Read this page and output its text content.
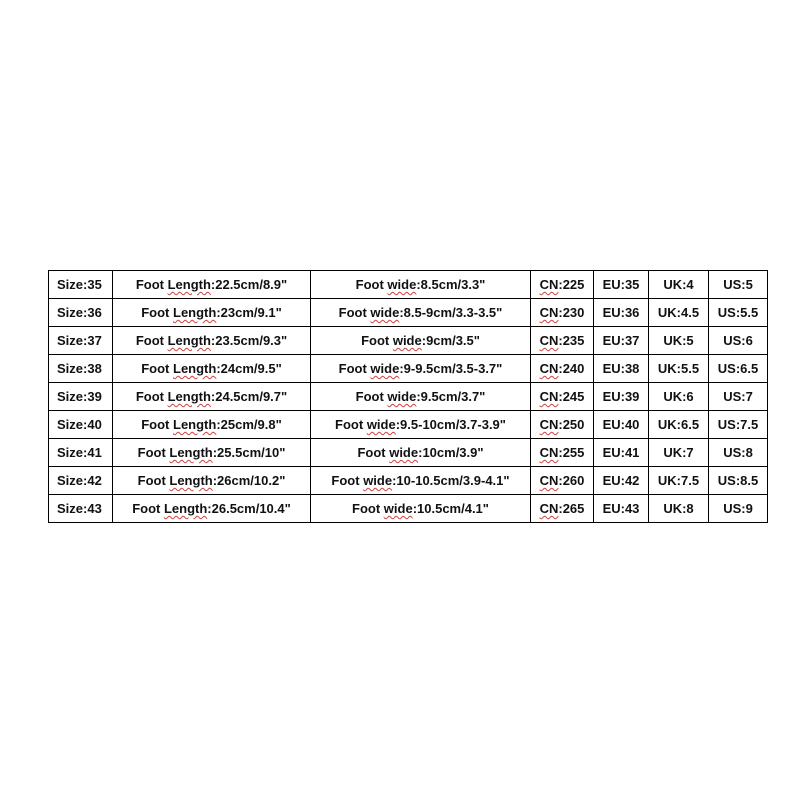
Size:35	Foot Length:22.5cm/8.9"	Foot wide:8.5cm/3.3"	CN:225	EU:35	UK:4	US:5
Size:36	Foot Length:23cm/9.1"	Foot wide:8.5-9cm/3.3-3.5"	CN:230	EU:36	UK:4.5	US:5.5
Size:37	Foot Length:23.5cm/9.3"	Foot wide:9cm/3.5"	CN:235	EU:37	UK:5	US:6
Size:38	Foot Length:24cm/9.5"	Foot wide:9-9.5cm/3.5-3.7"	CN:240	EU:38	UK:5.5	US:6.5
Size:39	Foot Length:24.5cm/9.7"	Foot wide:9.5cm/3.7"	CN:245	EU:39	UK:6	US:7
Size:40	Foot Length:25cm/9.8"	Foot wide:9.5-10cm/3.7-3.9"	CN:250	EU:40	UK:6.5	US:7.5
Size:41	Foot Length:25.5cm/10"	Foot wide:10cm/3.9"	CN:255	EU:41	UK:7	US:8
Size:42	Foot Length:26cm/10.2"	Foot wide:10-10.5cm/3.9-4.1"	CN:260	EU:42	UK:7.5	US:8.5
Size:43	Foot Length:26.5cm/10.4"	Foot wide:10.5cm/4.1"	CN:265	EU:43	UK:8	US:9
